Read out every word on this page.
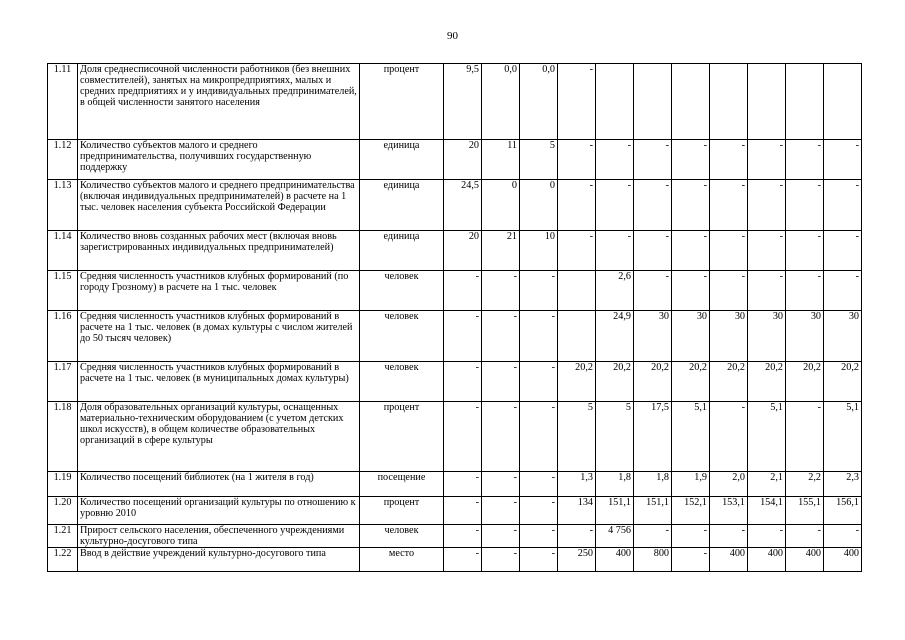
90
1.11	Доля среднесписочной численности работников (без внешних совместителей), занятых на микропредприятиях, малых и средних предприятиях и у индивидуальных предпринимателей, в общей численности занятого населения	процент	9,5	0,0	0,0	-							
1.12	Количество субъектов малого и среднего предпринимательства, получивших государственную поддержку	единица	20	11	5	-	-	-	-	-	-	-	-
1.13	Количество субъектов малого и среднего предпринимательства (включая индивидуальных предпринимателей) в расчете на 1 тыс. человек населения субъекта Российской Федерации	единица	24,5	0	0	-	-	-	-	-	-	-	-
1.14	Количество вновь созданных рабочих мест (включая вновь зарегистрированных индивидуальных предпринимателей)	единица	20	21	10	-	-	-	-	-	-	-	-
1.15	Средняя численность участников клубных формирований (по городу Грозному) в расчете на 1 тыс. человек	человек	-	-	-		2,6	-	-	-	-	-	-
1.16	Средняя численность участников клубных формирований в расчете на 1 тыс. человек (в домах культуры с числом жителей до 50 тысяч человек)	человек	-	-	-		24,9	30	30	30	30	30	30
1.17	Средняя численность участников клубных формирований в расчете на 1 тыс. человек (в муниципальных домах культуры)	человек	-	-	-	20,2	20,2	20,2	20,2	20,2	20,2	20,2	20,2
1.18	Доля образовательных организаций культуры, оснащенных материально-техническим оборудованием (с учетом детских школ искусств), в общем количестве образовательных организаций в сфере культуры	процент	-	-	-	5	5	17,5	5,1	-	5,1	-	5,1
1.19	Количество посещений библиотек (на 1 жителя в год)	посещение	-	-	-	1,3	1,8	1,8	1,9	2,0	2,1	2,2	2,3
1.20	Количество посещений организаций культуры по отношению к уровню 2010	процент	-	-	-	134	151,1	151,1	152,1	153,1	154,1	155,1	156,1
1.21	Прирост сельского населения, обеспеченного учреждениями культурно-досугового типа	человек	-	-	-	-	4 756	-	-	-	-	-	-
1.22	Ввод в действие учреждений культурно-досугового типа	место	-	-	-	250	400	800	-	400	400	400	400
